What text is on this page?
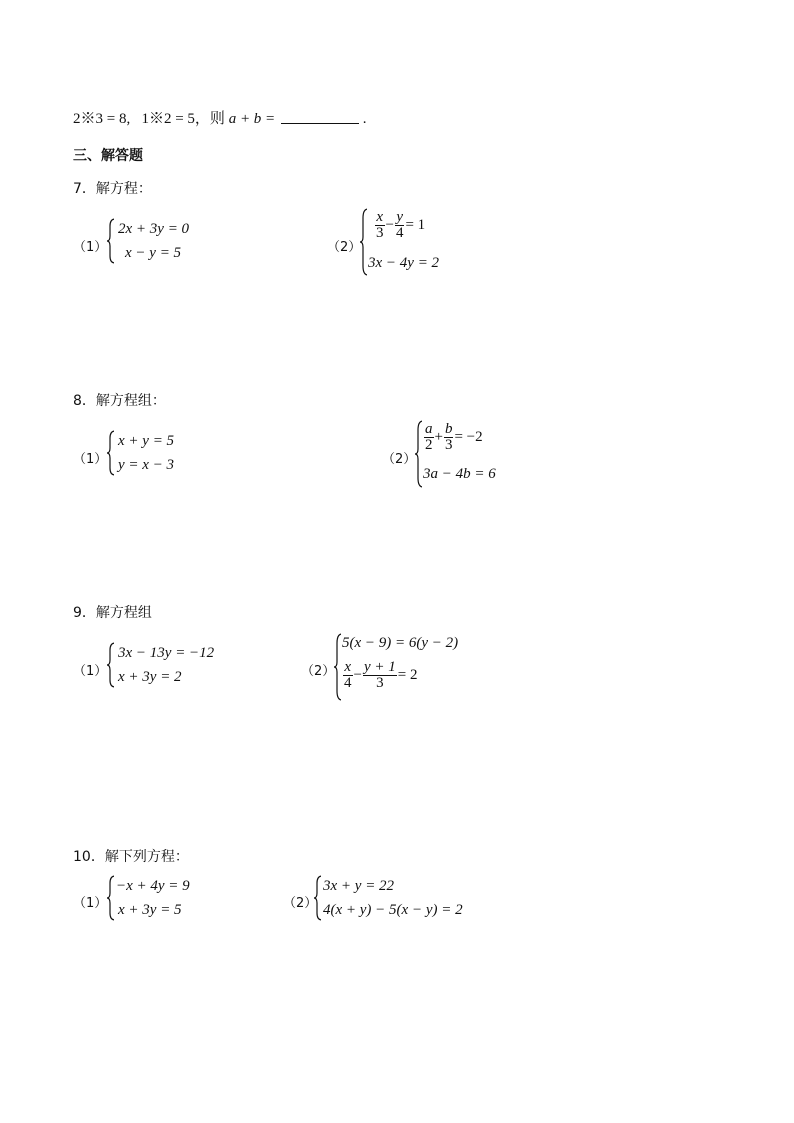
2※3 = 8, 1※2 = 5，则 a + b =	.
三、解答题
7．解方程：
（1）
2x + 3y = 0
x − y = 5	（2）
$\frac{x}{3} - \frac{y}{4} = 1$
3x − 4y = 2
8．解方程组：
（1）
x + y = 5
y = x − 3	（2）
$\frac{a}{2} + \frac{b}{3} = -2$
3a − 4b = 6
9．解方程组
（1）
3x − 13y = −12
x + 3y = 2	（2）
5(x − 9) = 6(y − 2)
$\frac{x}{4} - \frac{y + 1}{3} = 2$
10．解下列方程：
（1）
−x + 4y = 9
x + 3y = 5	（2）
3x + y = 22
4(x + y) − 5(x − y) = 2
